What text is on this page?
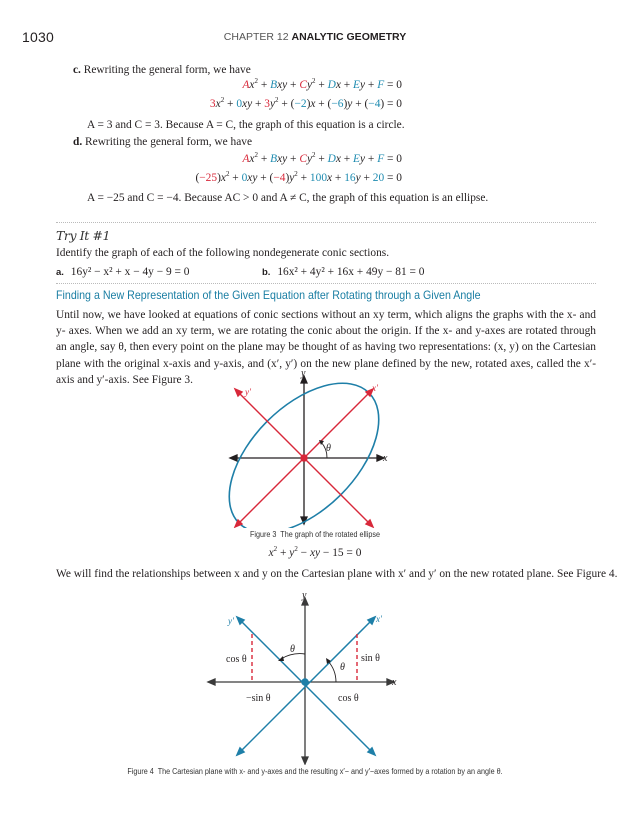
1030	CHAPTER 12 ANALYTIC GEOMETRY
c. Rewriting the general form, we have
$Ax^2$ + Bxy + $Cy^2 + Dx + Ey + F = 0$
$3x^2 + 0xy + 3y^2 + (-2)x + (-6)y + (-4) = 0$
A = 3 and C = 3. Because A = C, the graph of this equation is a circle.
d. Rewriting the general form, we have
$Ax^2$ + Bxy + $Cy^2 + Dx + Ey + F = 0$
$(-25)x^2 + 0xy + (-4)y^2 + 100x + 16y + 20 = 0$
A = −25 and C = −4. Because AC > 0 and A ≠ C, the graph of this equation is an ellipse.
Try It #1
Identify the graph of each of the following nondegenerate conic sections.
a. 16y² − x² + x − 4y − 9 = 0	b. 16x² + 4y² + 16x + 49y − 81 = 0
Finding a New Representation of the Given Equation after Rotating through a Given Angle
Until now, we have looked at equations of conic sections without an xy term, which aligns the graphs with the x- and y- axes. When we add an xy term, we are rotating the conic about the origin. If the x- and y-axes are rotated through an angle, say θ, then every point on the plane may be thought of as having two representations: (x, y) on the Cartesian plane with the original x-axis and y-axis, and (x′, y′) on the new plane defined by the new, rotated axes, called the x′-axis and y′-axis. See Figure 3.
θ
x
y
x′
y′
Figure 3 The graph of the rotated ellipse
$x^2 + y^2$ − xy − 15 = 0
We will find the relationships between x and y on the Cartesian plane with x′ and y′ on the new rotated plane. See Figure 4.
θ
θ
cos θ
−sin θ
sin θ
cos θ
x
y
x′
y′
Figure 4 The Cartesian plane with x- and y-axes and the resulting x′− and y′−axes formed by a rotation by an angle θ.
